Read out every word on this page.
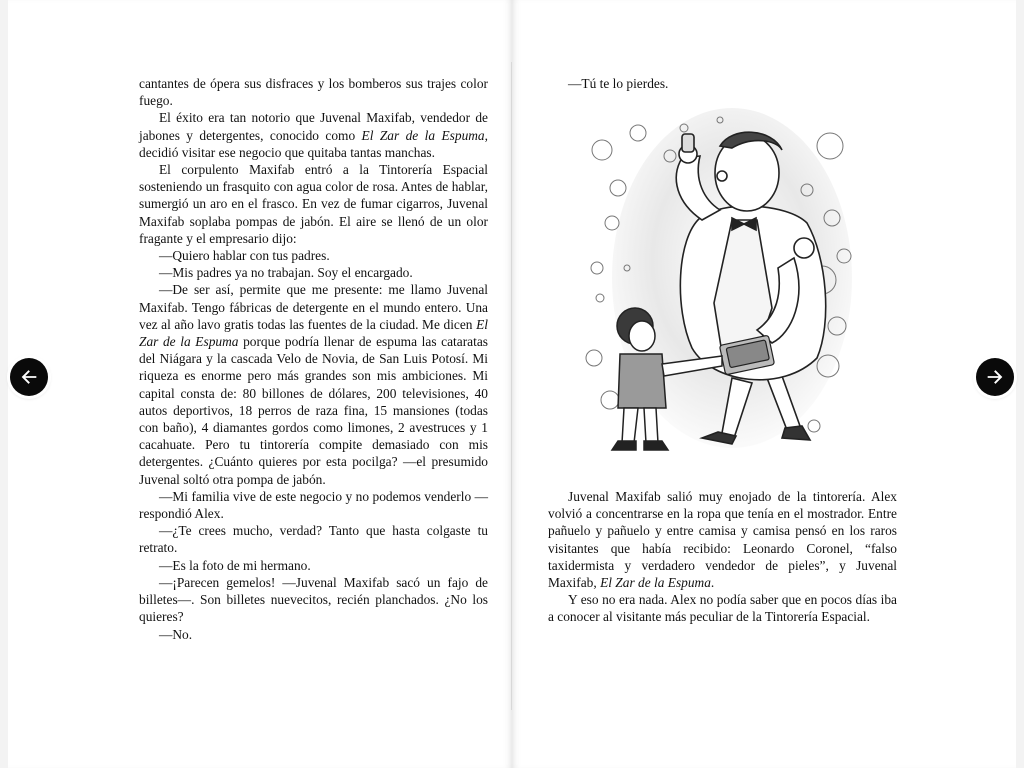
cantantes de ópera sus disfraces y los bomberos sus trajes color fuego.

El éxito era tan notorio que Juvenal Maxifab, vendedor de jabones y detergentes, conocido como El Zar de la Espuma, decidió visitar ese negocio que quitaba tantas manchas.

El corpulento Maxifab entró a la Tintorería Espacial sosteniendo un frasquito con agua color de rosa. Antes de hablar, sumergió un aro en el frasco. En vez de fumar cigarros, Juvenal Maxifab soplaba pompas de jabón. El aire se llenó de un olor fragante y el empresario dijo:

—Quiero hablar con tus padres.

—Mis padres ya no trabajan. Soy el encargado.

—De ser así, permite que me presente: me llamo Juvenal Maxifab. Tengo fábricas de detergente en el mundo entero. Una vez al año lavo gratis todas las fuentes de la ciudad. Me dicen El Zar de la Espuma porque podría llenar de espuma las cataratas del Niágara y la cascada Velo de Novia, de San Luis Potosí. Mi riqueza es enorme pero más grandes son mis ambiciones. Mi capital consta de: 80 billones de dólares, 200 televisiones, 40 autos deportivos, 18 perros de raza fina, 15 mansiones (todas con baño), 4 diamantes gordos como limones, 2 avestruces y 1 cacahuate. Pero tu tintorería compite demasiado con mis detergentes. ¿Cuánto quieres por esta pocilga? —el presumido Juvenal soltó otra pompa de jabón.

—Mi familia vive de este negocio y no podemos venderlo —respondió Alex.

—¿Te crees mucho, verdad? Tanto que hasta colgaste tu retrato.

—Es la foto de mi hermano.

—¡Parecen gemelos! —Juvenal Maxifab sacó un fajo de billetes—. Son billetes nuevecitos, recién planchados. ¿No los quieres?

—No.

—Tú te lo pierdes.

Juvenal Maxifab salió muy enojado de la tintorería. Alex volvió a concentrarse en la ropa que tenía en el mostrador. Entre pañuelo y pañuelo y entre camisa y camisa pensó en los raros visitantes que había recibido: Leonardo Coronel, “falso taxidermista y verdadero vendedor de pieles”, y Juvenal Maxifab, El Zar de la Espuma.

Y eso no era nada. Alex no podía saber que en pocos días iba a conocer al visitante más peculiar de la Tintorería Espacial.
